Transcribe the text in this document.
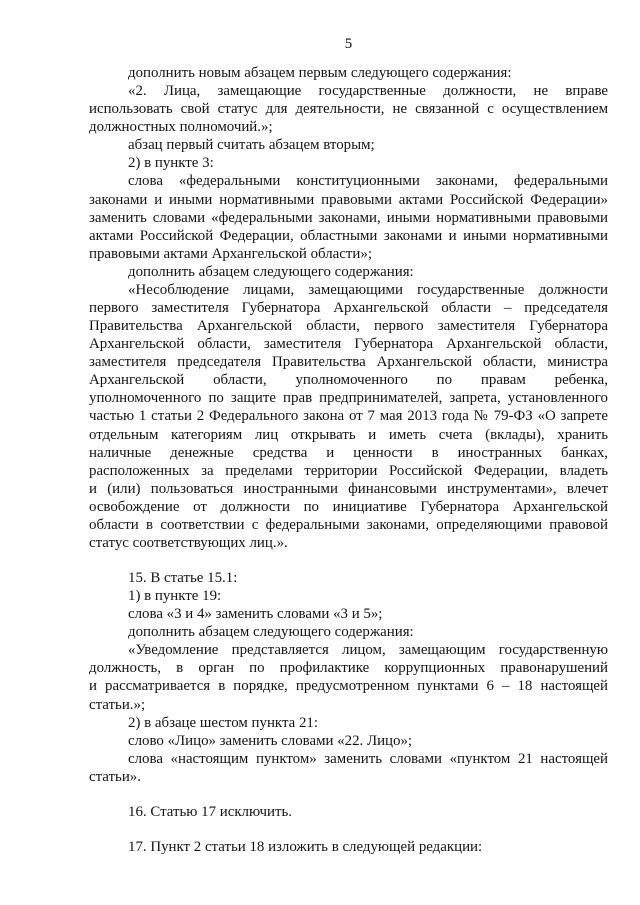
5
дополнить новым абзацем первым следующего содержания:
«2. Лица, замещающие государственные должности, не вправе
использовать свой статус для деятельности, не связанной с осуществлением
должностных полномочий.»;
абзац первый считать абзацем вторым;
2) в пункте 3:
слова «федеральными конституционными законами, федеральными
законами и иными нормативными правовыми актами Российской Федерации»
заменить словами «федеральными законами, иными нормативными правовыми
актами Российской Федерации, областными законами и иными нормативными
правовыми актами Архангельской области»;
дополнить абзацем следующего содержания:
«Несоблюдение лицами, замещающими государственные должности
первого заместителя Губернатора Архангельской области – председателя
Правительства Архангельской области, первого заместителя Губернатора
Архангельской области, заместителя Губернатора Архангельской области,
заместителя председателя Правительства Архангельской области, министра
Архангельской области, уполномоченного по правам ребенка,
уполномоченного по защите прав предпринимателей, запрета, установленного
частью 1 статьи 2 Федерального закона от 7 мая 2013 года № 79-ФЗ «О запрете
отдельным категориям лиц открывать и иметь счета (вклады), хранить
наличные денежные средства и ценности в иностранных банках,
расположенных за пределами территории Российской Федерации, владеть
и (или) пользоваться иностранными финансовыми инструментами», влечет
освобождение от должности по инициативе Губернатора Архангельской
области в соответствии с федеральными законами, определяющими правовой
статус соответствующих лиц.».
15. В статье 15.1:
1) в пункте 19:
слова «3 и 4» заменить словами «3 и 5»;
дополнить абзацем следующего содержания:
«Уведомление представляется лицом, замещающим государственную
должность, в орган по профилактике коррупционных правонарушений
и рассматривается в порядке, предусмотренном пунктами 6 – 18 настоящей
статьи.»;
2) в абзаце шестом пункта 21:
слово «Лицо» заменить словами «22. Лицо»;
слова «настоящим пунктом» заменить словами «пунктом 21 настоящей
статьи».
16. Статью 17 исключить.
17. Пункт 2 статьи 18 изложить в следующей редакции:
